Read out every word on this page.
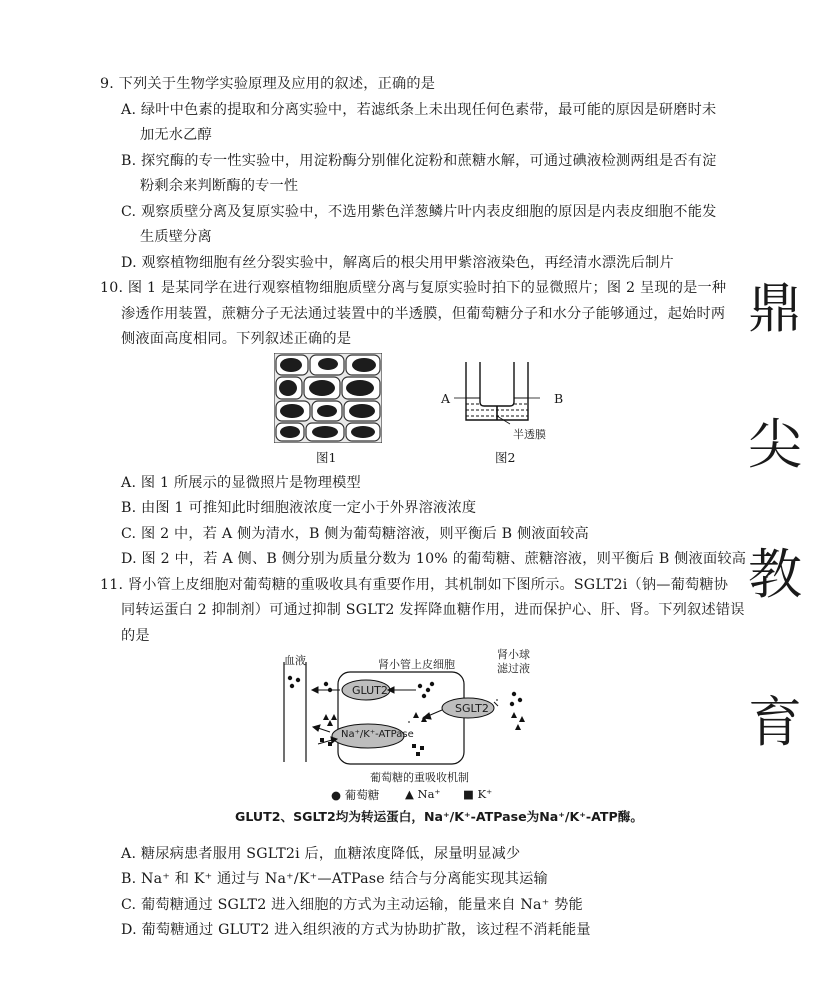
鼎
尖
教
育
9. 下列关于生物学实验原理及应用的叙述，正确的是
A. 绿叶中色素的提取和分离实验中，若滤纸条上未出现任何色素带，最可能的原因是研磨时未
加无水乙醇
B. 探究酶的专一性实验中，用淀粉酶分别催化淀粉和蔗糖水解，可通过碘液检测两组是否有淀
粉剩余来判断酶的专一性
C. 观察质壁分离及复原实验中，不选用紫色洋葱鳞片叶内表皮细胞的原因是内表皮细胞不能发
生质壁分离
D. 观察植物细胞有丝分裂实验中，解离后的根尖用甲紫溶液染色，再经清水漂洗后制片
10. 图 1 是某同学在进行观察植物细胞质壁分离与复原实验时拍下的显微照片；图 2 呈现的是一种
渗透作用装置，蔗糖分子无法通过装置中的半透膜，但葡萄糖分子和水分子能够通过，起始时两
侧液面高度相同。下列叙述正确的是
图1
A	B
半透膜
图2
A. 图 1 所展示的显微照片是物理模型
B. 由图 1 可推知此时细胞液浓度一定小于外界溶液浓度
C. 图 2 中，若 A 侧为清水，B 侧为葡萄糖溶液，则平衡后 B 侧液面较高
D. 图 2 中，若 A 侧、B 侧分别为质量分数为 10% 的葡萄糖、蔗糖溶液，则平衡后 B 侧液面较高
11. 肾小管上皮细胞对葡萄糖的重吸收具有重要作用，其机制如下图所示。SGLT2i（钠—葡萄糖协
同转运蛋白 2 抑制剂）可通过抑制 SGLT2 发挥降血糖作用，进而保护心、肝、肾。下列叙述错误
的是
血液	肾小管上皮细胞
肾小球
滤过液
GLUT2
SGLT2
Na⁺/K⁺-ATPase
葡萄糖的重吸收机制
● 葡萄糖 ▲ Na⁺ ■ K⁺
GLUT2、SGLT2均为转运蛋白，Na⁺/K⁺-ATPase为Na⁺/K⁺-ATP酶。
A. 糖尿病患者服用 SGLT2i 后，血糖浓度降低，尿量明显减少
B. Na⁺ 和 K⁺ 通过与 Na⁺/K⁺—ATPase 结合与分离能实现其运输
C. 葡萄糖通过 SGLT2 进入细胞的方式为主动运输，能量来自 Na⁺ 势能
D. 葡萄糖通过 GLUT2 进入组织液的方式为协助扩散，该过程不消耗能量
